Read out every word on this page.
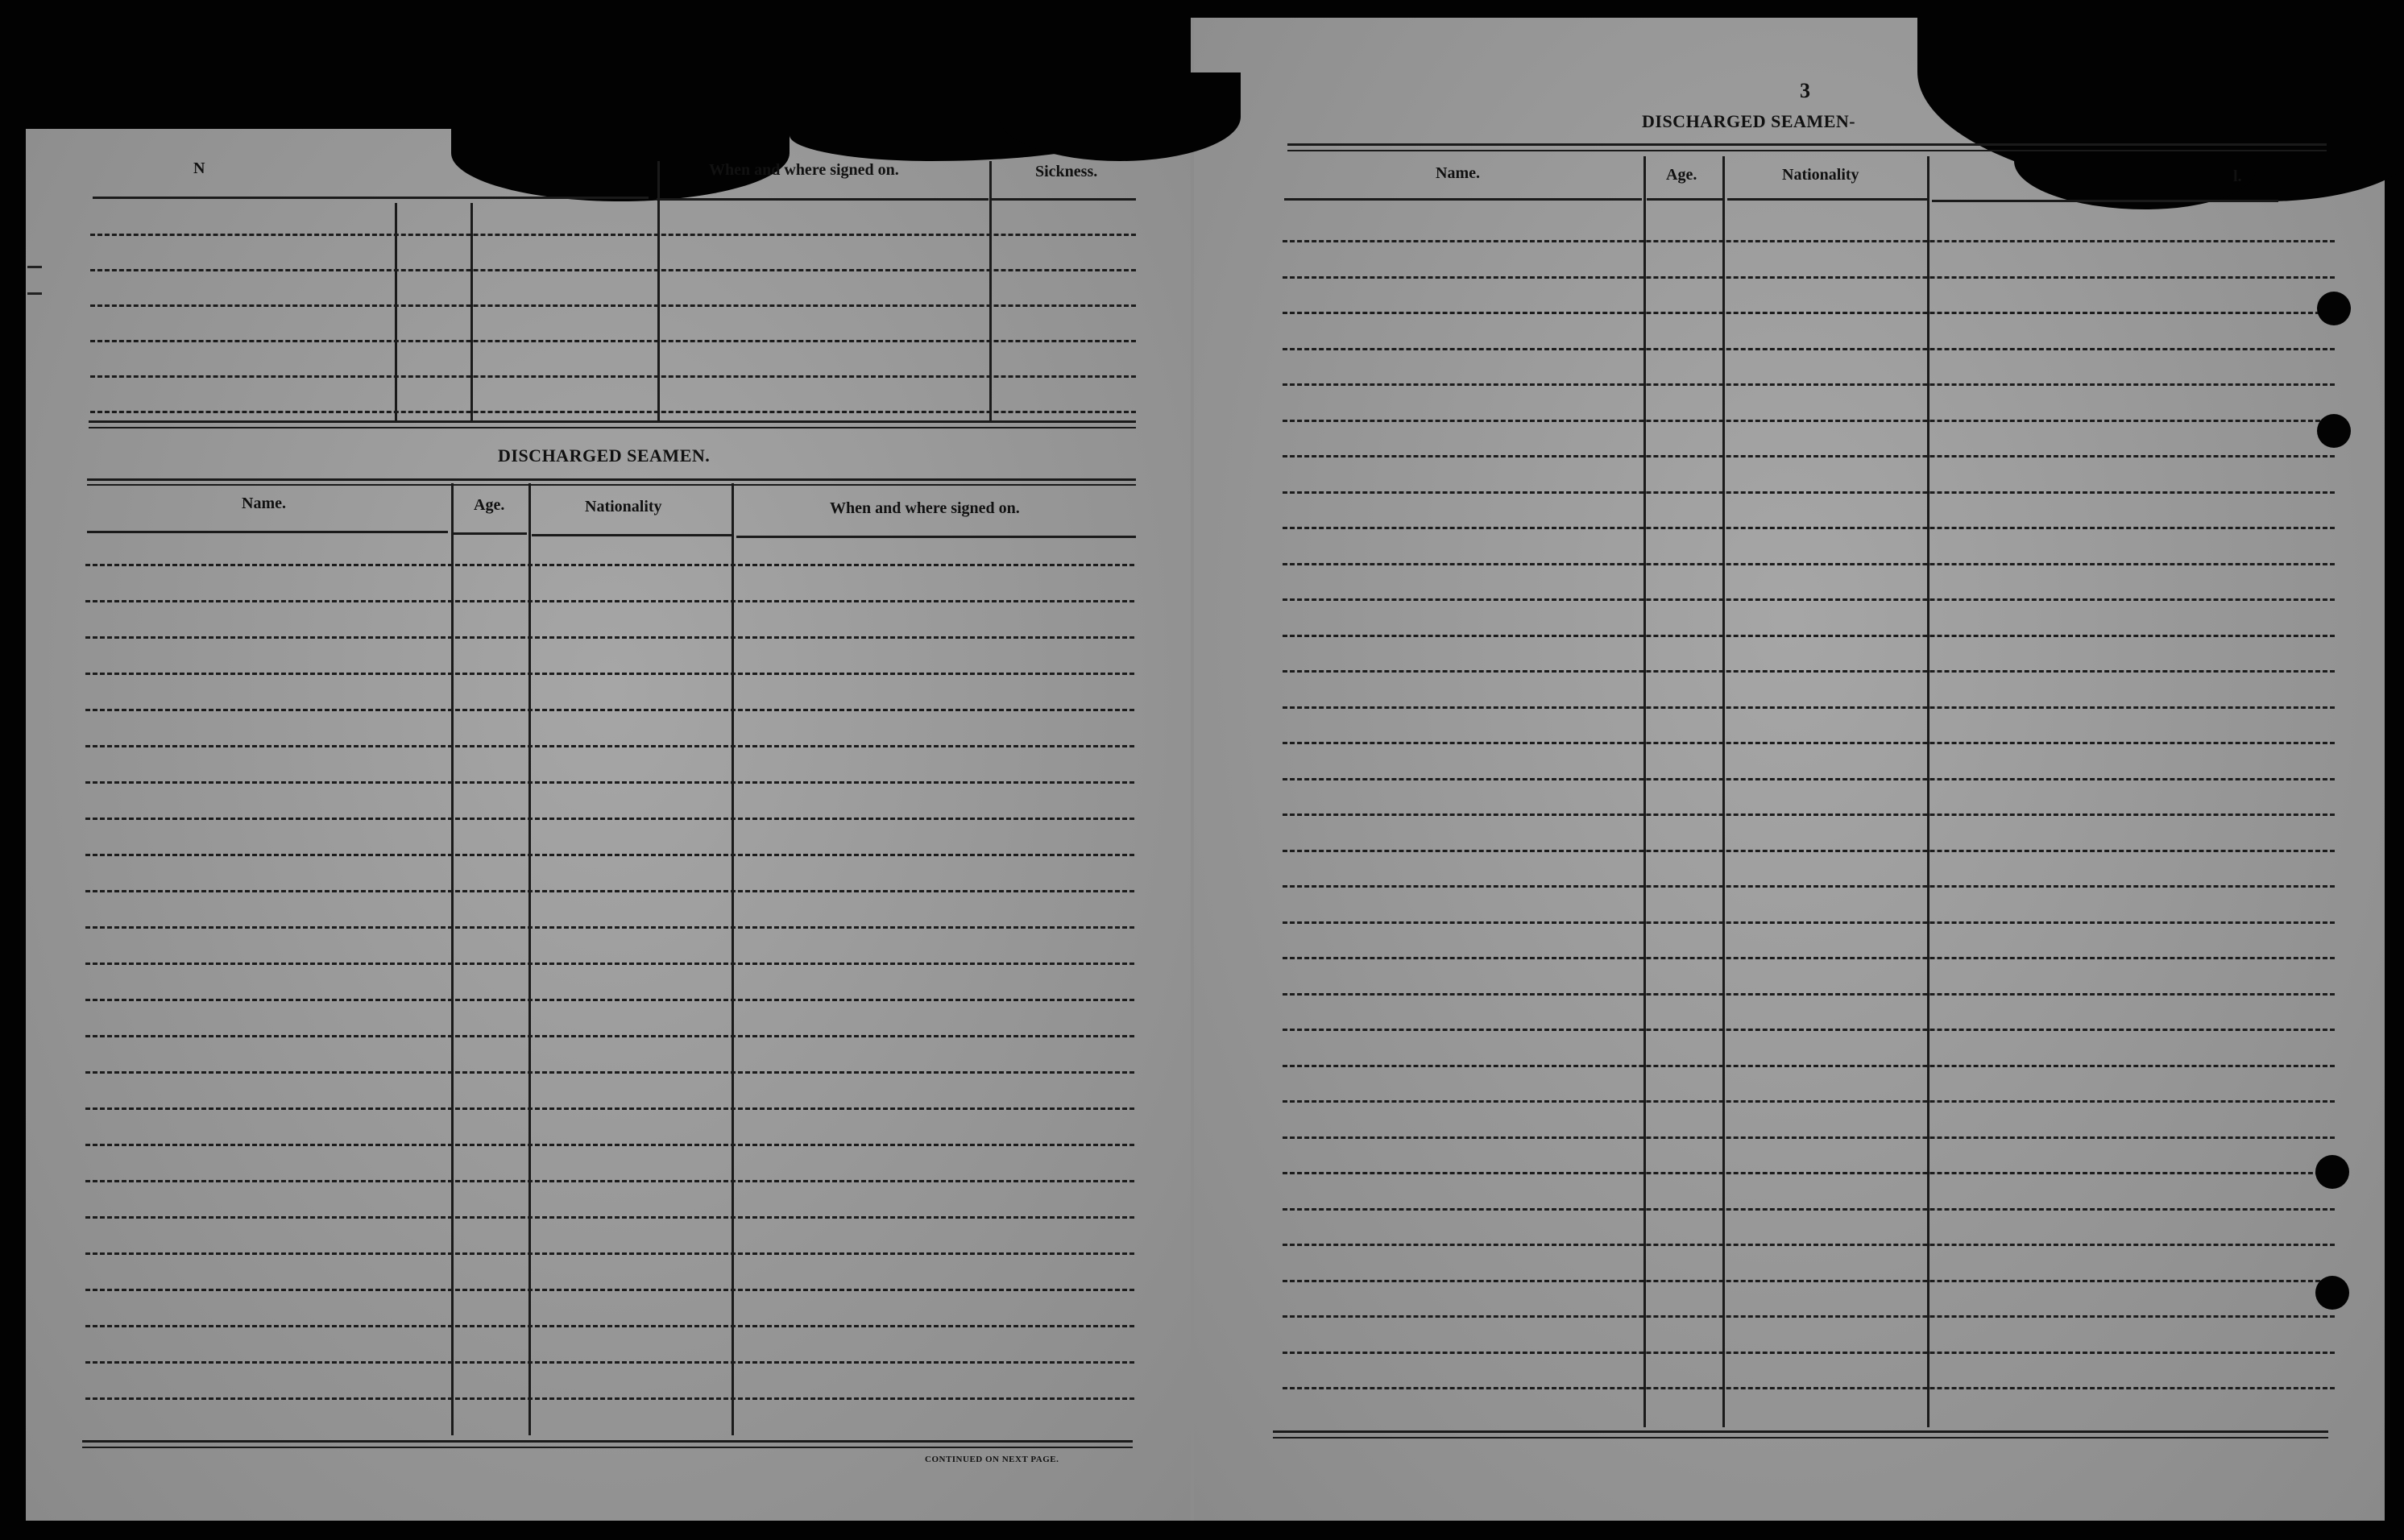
N	When and where signed on.	Sickness.
DISCHARGED SEAMEN.
Name.	Age.	Nationality	When and where signed on.
CONTINUED ON NEXT PAGE.
3
DISCHARGED SEAMEN-
Name.	Age.	Nationality	l.
